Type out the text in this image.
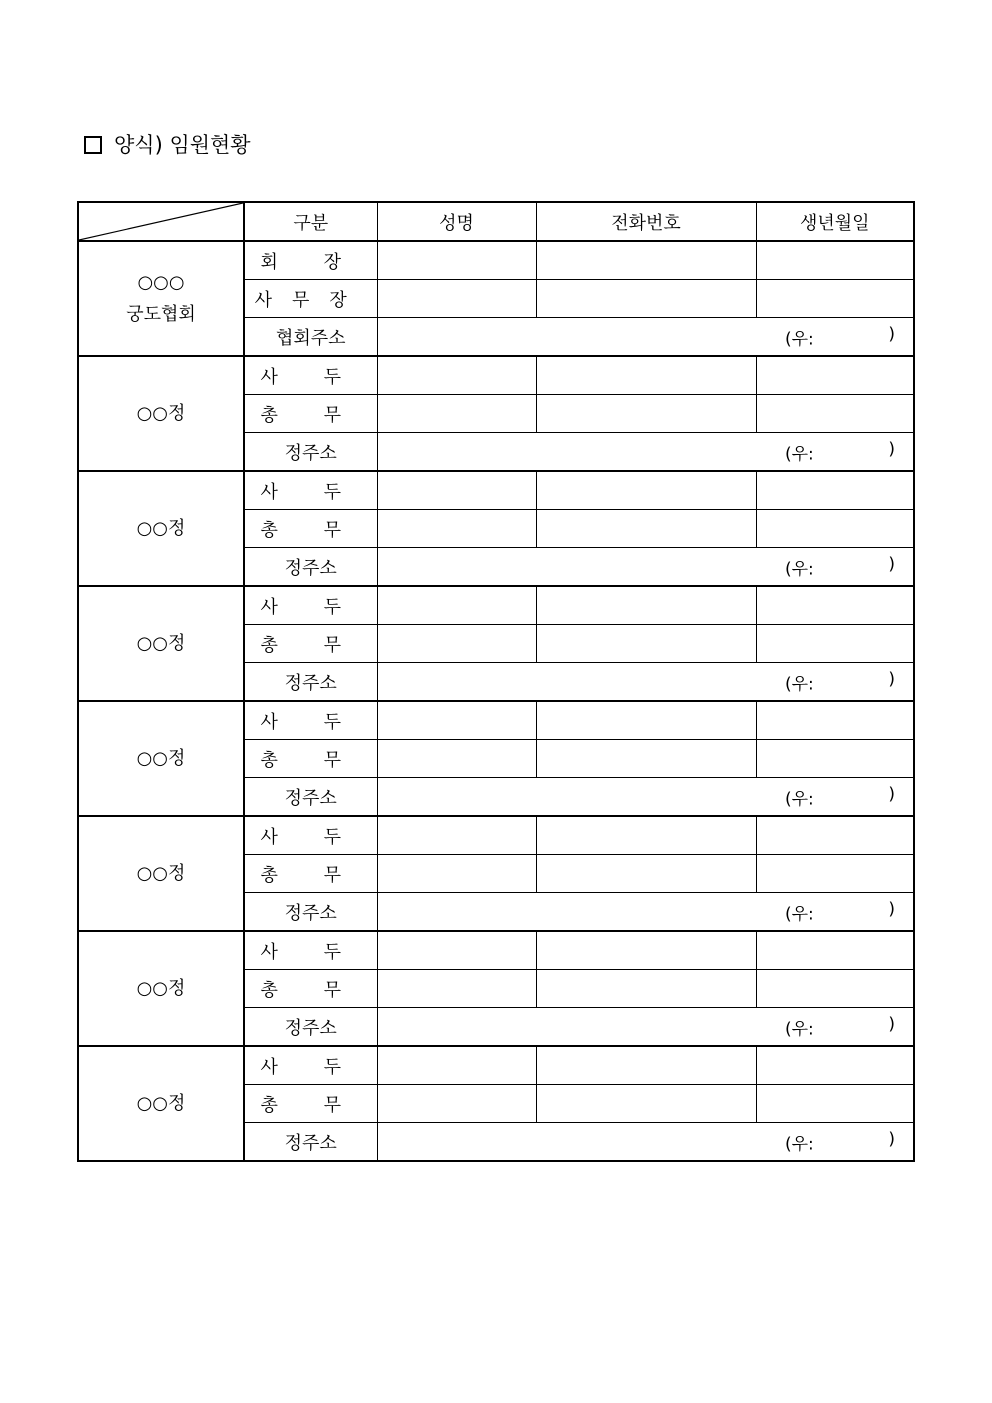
양식) 임원현황
	구분	성명	전화번호	생년월일

○○○
궁도협회	회 장			
	사무장			
	협회주소	(우: )		

○○정	사 두			
	총 무			
	정주소	(우: )		

○○정	사 두			
	총 무			
	정주소	(우: )		

○○정	사 두			
	총 무			
	정주소	(우: )		

○○정	사 두			
	총 무			
	정주소	(우: )		

○○정	사 두			
	총 무			
	정주소	(우: )		

○○정	사 두			
	총 무			
	정주소	(우: )		

○○정	사 두			
	총 무			
	정주소	(우: )		
